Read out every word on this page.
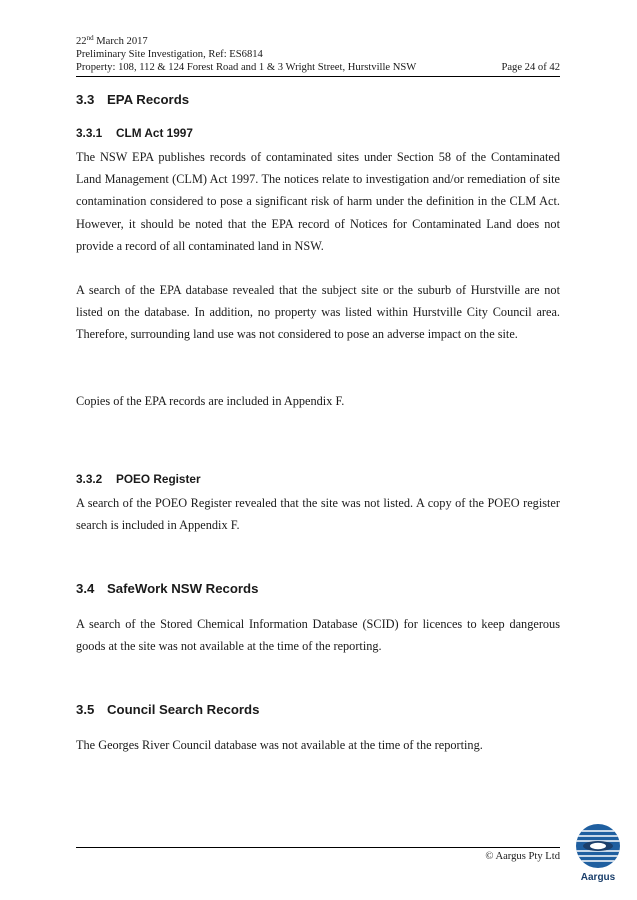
22nd March 2017
Preliminary Site Investigation, Ref: ES6814
Property: 108, 112 & 124 Forest Road and 1 & 3 Wright Street, Hurstville NSW	Page 24 of 42
3.3 EPA Records
3.3.1 CLM Act 1997

The NSW EPA publishes records of contaminated sites under Section 58 of the Contaminated Land Management (CLM) Act 1997. The notices relate to investigation and/or remediation of site contamination considered to pose a significant risk of harm under the definition in the CLM Act. However, it should be noted that the EPA record of Notices for Contaminated Land does not provide a record of all contaminated land in NSW.

A search of the EPA database revealed that the subject site or the suburb of Hurstville are not listed on the database. In addition, no property was listed within Hurstville City Council area. Therefore, surrounding land use was not considered to pose an adverse impact on the site.

Copies of the EPA records are included in Appendix F.

3.3.2 POEO Register

A search of the POEO Register revealed that the site was not listed. A copy of the POEO register search is included in Appendix F.

3.4 SafeWork NSW Records

A search of the Stored Chemical Information Database (SCID) for licences to keep dangerous goods at the site was not available at the time of the reporting.

3.5 Council Search Records

The Georges River Council database was not available at the time of the reporting.

© Aargus Pty Ltd
Aargus
